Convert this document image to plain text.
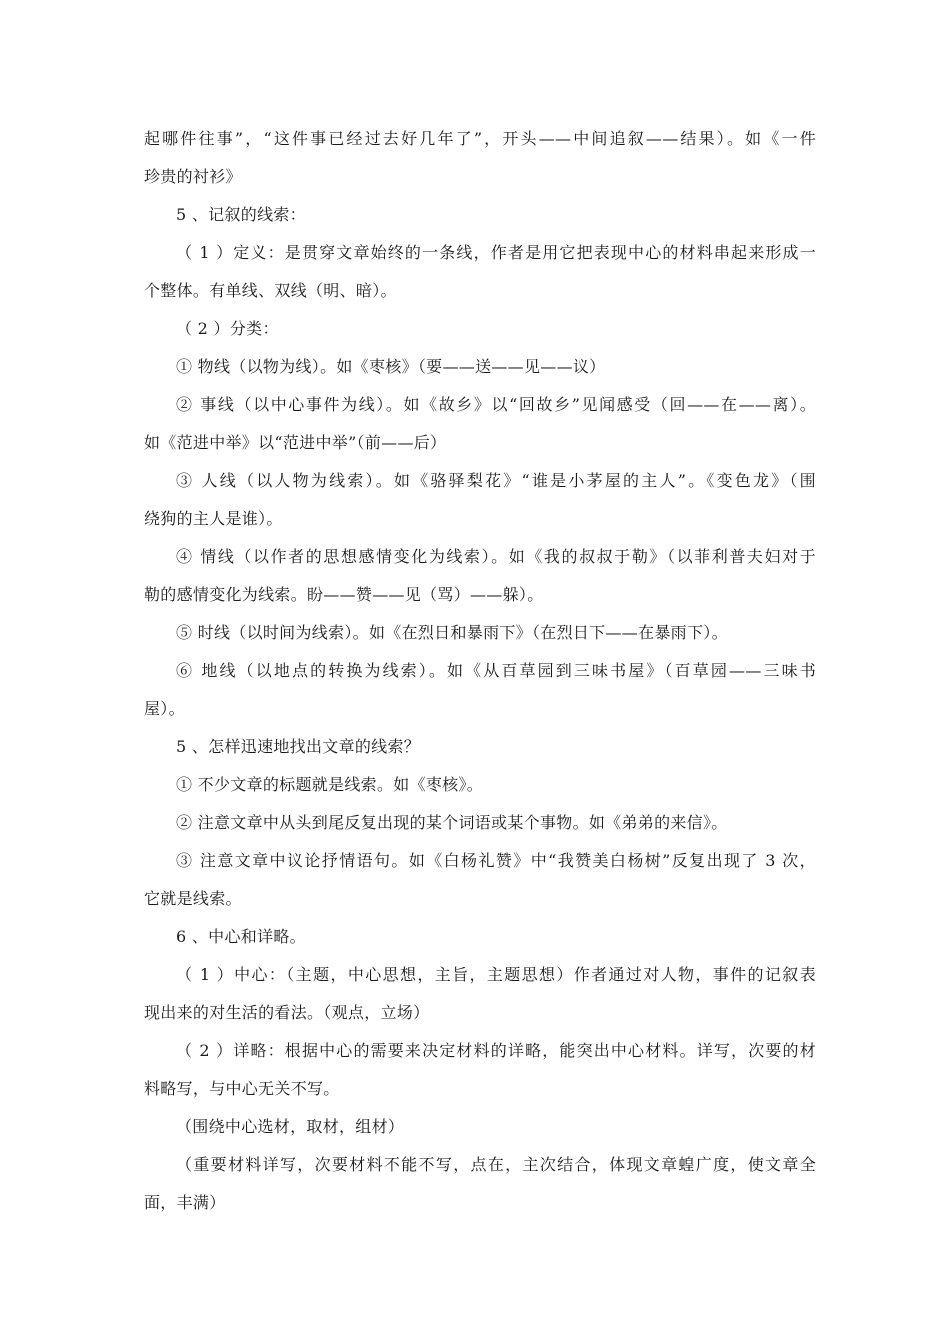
起哪件往事”，“这件事已经过去好几年了”，开头——中间追叙——结果）。如《一件
珍贵的衬衫》
5 、记叙的线索：
（ 1 ）定义：是贯穿文章始终的一条线，作者是用它把表现中心的材料串起来形成一
个整体。有单线、双线（明、暗）。
（ 2 ）分类：
① 物线（以物为线）。如《枣核》（要——送——见——议）
② 事线（以中心事件为线）。如《故乡》以“回故乡”见闻感受（回——在——离）。
如《范进中举》以“范进中举”（前——后）
③ 人线（以人物为线索）。如《骆驿梨花》“谁是小茅屋的主人”。《变色龙》（围
绕狗的主人是谁）。
④ 情线（以作者的思想感情变化为线索）。如《我的叔叔于勒》（以菲利普夫妇对于
勒的感情变化为线索。盼——赞——见（骂）——躲）。
⑤ 时线（以时间为线索）。如《在烈日和暴雨下》（在烈日下——在暴雨下）。
⑥ 地线（以地点的转换为线索）。如《从百草园到三味书屋》（百草园——三味书
屋）。
5 、怎样迅速地找出文章的线索？
① 不少文章的标题就是线索。如《枣核》。
② 注意文章中从头到尾反复出现的某个词语或某个事物。如《弟弟的来信》。
③ 注意文章中议论抒情语句。如《白杨礼赞》中“我赞美白杨树”反复出现了 3 次，
它就是线索。
6 、中心和详略。
（ 1 ）中心：（主题，中心思想，主旨，主题思想）作者通过对人物，事件的记叙表
现出来的对生活的看法。（观点，立场）
（ 2 ）详略：根据中心的需要来决定材料的详略，能突出中心材料。详写，次要的材
料略写，与中心无关不写。
（围绕中心选材，取材，组材）
（重要材料详写，次要材料不能不写，点在，主次结合，体现文章蝗广度，使文章全
面，丰满）
